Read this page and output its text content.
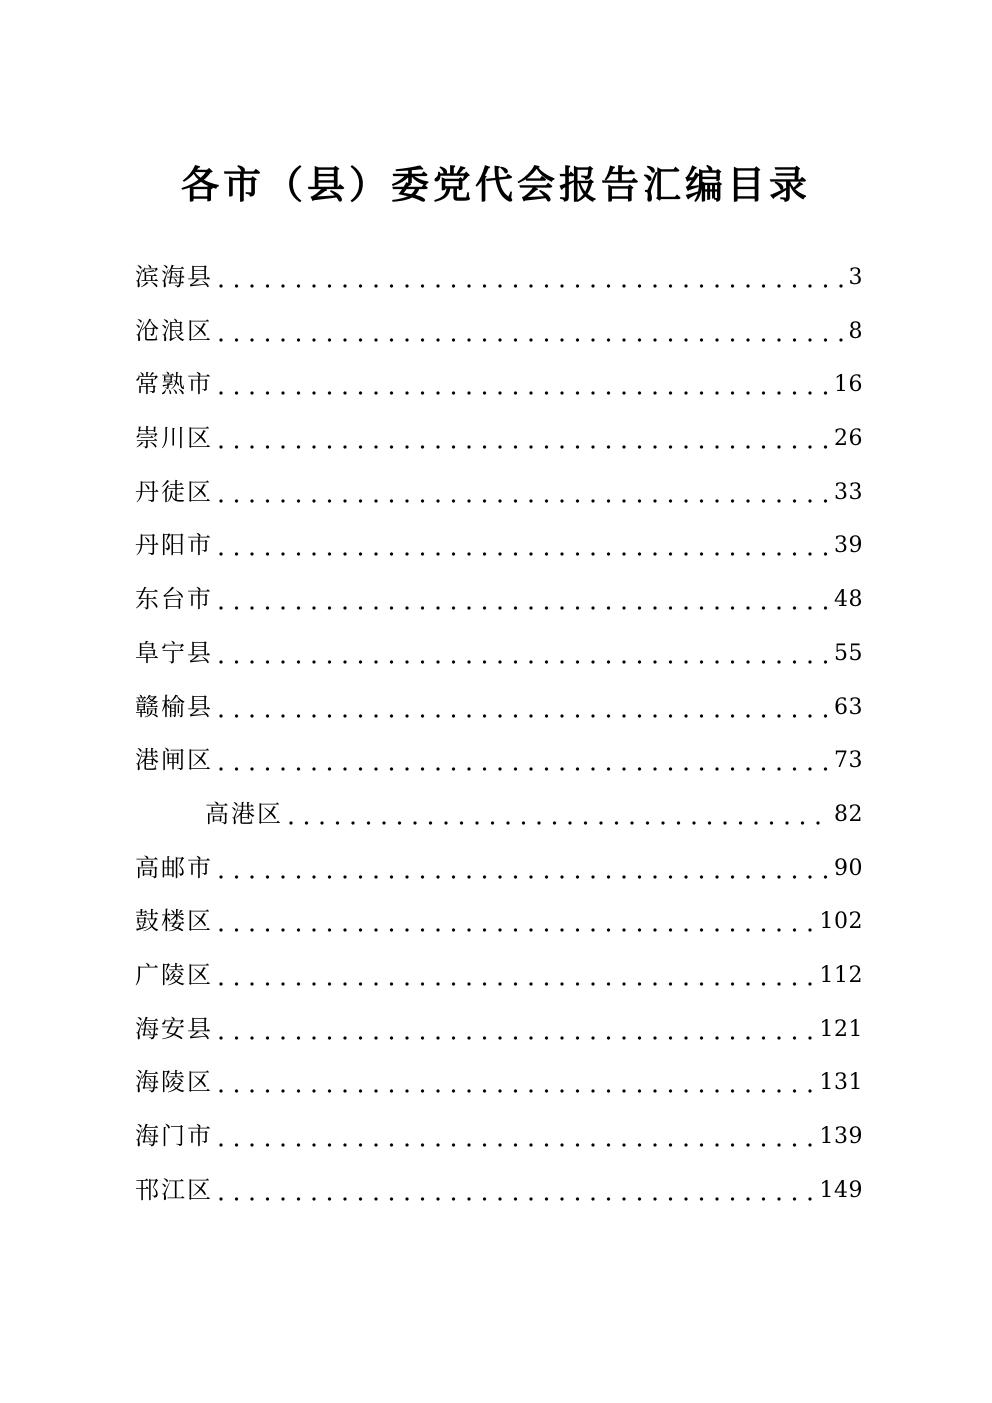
各市（县）委党代会报告汇编目录
滨海县	3
沧浪区	8
常熟市	16
崇川区	26
丹徒区	33
丹阳市	39
东台市	48
阜宁县	55
赣榆县	63
港闸区	73
高港区	82
高邮市	90
鼓楼区	102
广陵区	112
海安县	121
海陵区	131
海门市	139
邗江区	149
